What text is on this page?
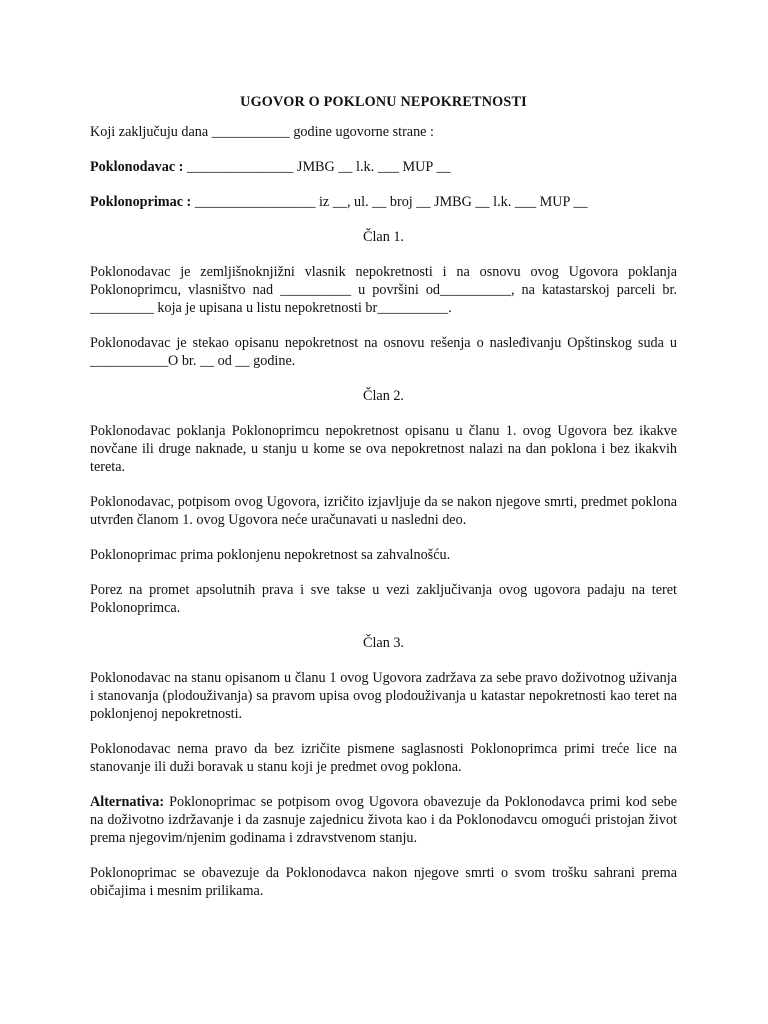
UGOVOR O POKLONU NEPOKRETNOSTI

Koji zaključuju dana ___________ godine ugovorne strane :

Poklonodavac : _______________ JMBG __ l.k. ___ MUP __

Poklonoprimac : _________________ iz __, ul. __ broj __ JMBG __ l.k. ___ MUP __

Član 1.

Poklonodavac je zemljišnoknjižni vlasnik nepokretnosti i na osnovu ovog Ugovora poklanja Poklonoprimcu, vlasništvo nad __________ u površini od__________, na katastarskoj parceli br. _________ koja je upisana u listu nepokretnosti br__________.

Poklonodavac je stekao opisanu nepokretnost na osnovu rešenja o nasleđivanju Opštinskog suda u ___________O br. __ od __ godine.

Član 2.

Poklonodavac poklanja Poklonoprimcu nepokretnost opisanu u članu 1. ovog Ugovora bez ikakve novčane ili druge naknade, u stanju u kome se ova nepokretnost nalazi na dan poklona i bez ikakvih tereta.

Poklonodavac, potpisom ovog Ugovora, izričito izjavljuje da se nakon njegove smrti, predmet poklona utvrđen članom 1. ovog Ugovora neće uračunavati u nasledni deo.

Poklonoprimac prima poklonjenu nepokretnost sa zahvalnošću.

Porez na promet apsolutnih prava i sve takse u vezi zaključivanja ovog ugovora padaju na teret Poklonoprimca.

Član 3.

Poklonodavac na stanu opisanom u članu 1 ovog Ugovora zadržava za sebe pravo doživotnog uživanja i stanovanja (plodouživanja) sa pravom upisa ovog plodouživanja u katastar nepokretnosti kao teret na poklonjenoj nepokretnosti.

Poklonodavac nema pravo da bez izričite pismene saglasnosti Poklonoprimca primi treće lice na stanovanje ili duži boravak u stanu koji je predmet ovog poklona.

Alternativa: Poklonoprimac se potpisom ovog Ugovora obavezuje da Poklonodavca primi kod sebe na doživotno izdržavanje i da zasnuje zajednicu života kao i da Poklonodavcu omogući pristojan život prema njegovim/njenim godinama i zdravstvenom stanju.

Poklonoprimac se obavezuje da Poklonodavca nakon njegove smrti o svom trošku sahrani prema običajima i mesnim prilikama.
